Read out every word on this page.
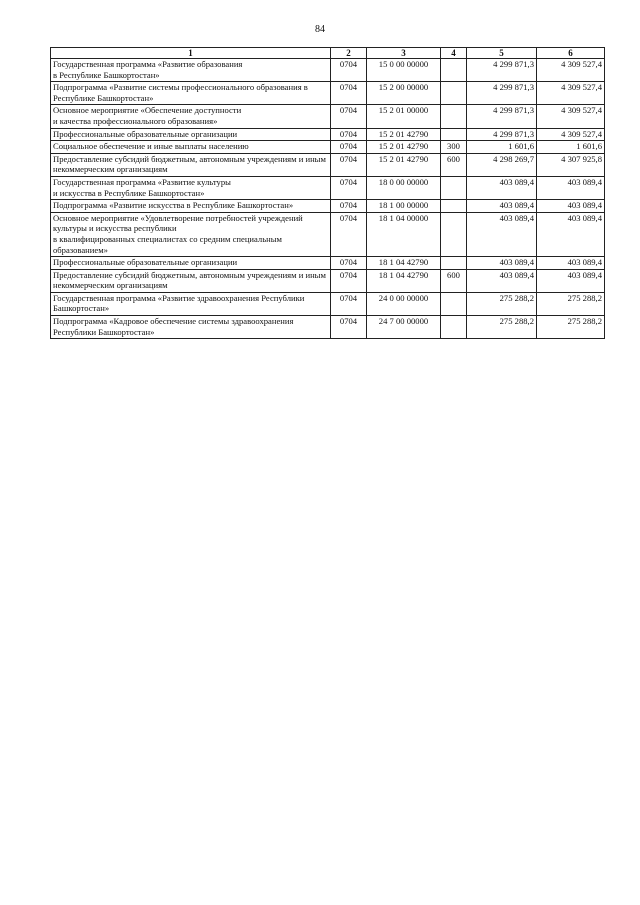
84
1	2	3	4	5	6
Государственная программа «Развитие образования
в Республике Башкортостан»	0704	15 0 00 00000		4 299 871,3	4 309 527,4
Подпрограмма «Развитие системы профессионального образования в Республике Башкортостан»	0704	15 2 00 00000		4 299 871,3	4 309 527,4
Основное мероприятие «Обеспечение доступности
и качества профессионального образования»	0704	15 2 01 00000		4 299 871,3	4 309 527,4
Профессиональные образовательные организации	0704	15 2 01 42790		4 299 871,3	4 309 527,4
Социальное обеспечение и иные выплаты населению	0704	15 2 01 42790	300	1 601,6	1 601,6
Предоставление субсидий бюджетным, автономным учреждениям и иным некоммерческим организациям	0704	15 2 01 42790	600	4 298 269,7	4 307 925,8
Государственная программа «Развитие культуры
и искусства в Республике Башкортостан»	0704	18 0 00 00000		403 089,4	403 089,4
Подпрограмма «Развитие искусства в Республике Башкортостан»	0704	18 1 00 00000		403 089,4	403 089,4
Основное мероприятие «Удовлетворение потребностей учреждений культуры и искусства республики
в квалифицированных специалистах со средним специальным образованием»	0704	18 1 04 00000		403 089,4	403 089,4
Профессиональные образовательные организации	0704	18 1 04 42790		403 089,4	403 089,4
Предоставление субсидий бюджетным, автономным учреждениям и иным некоммерческим организациям	0704	18 1 04 42790	600	403 089,4	403 089,4
Государственная программа «Развитие здравоохранения Республики Башкортостан»	0704	24 0 00 00000		275 288,2	275 288,2
Подпрограмма «Кадровое обеспечение системы здравоохранения Республики Башкортостан»	0704	24 7 00 00000		275 288,2	275 288,2
